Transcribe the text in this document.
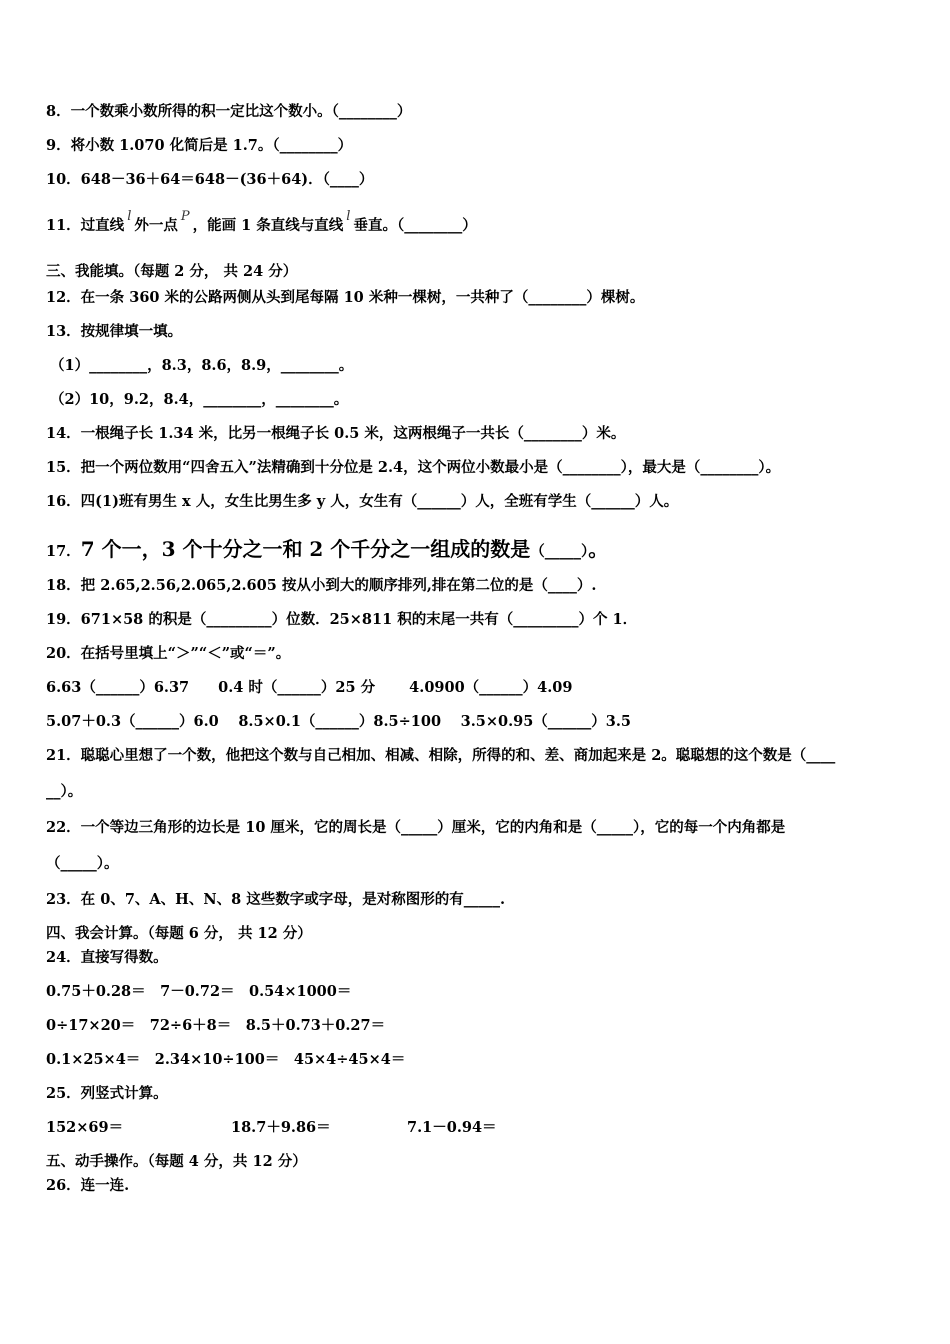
8．一个数乘小数所得的积一定比这个数小。（________）
9．将小数 1.070 化简后是 1.7。（________）
10．648－36＋64＝648－(36＋64)．（____）
11．过直线l外一点P，能画 1 条直线与直线l垂直。（________）
三、我能填。（每题 2 分， 共 24 分）
12．在一条 360 米的公路两侧从头到尾每隔 10 米种一棵树，一共种了（________）棵树。
13．按规律填一填。
（1）________，8.3，8.6，8.9，________。
（2）10，9.2，8.4，________，________。
14．一根绳子长 1.34 米，比另一根绳子长 0.5 米，这两根绳子一共长（________）米。
15．把一个两位数用“四舍五入”法精确到十分位是 2.4，这个两位小数最小是（________），最大是（________）。
16．四(1)班有男生 x 人，女生比男生多 y 人，女生有（______）人，全班有学生（______）人。
17．7 个一，3 个十分之一和 2 个千分之一组成的数是（_____）。
18．把 2.65,2.56,2.065,2.605 按从小到大的顺序排列,排在第二位的是（____）.
19．671×58 的积是（_________）位数．25×811 积的末尾一共有（_________）个 1．
20．在括号里填上“＞”“＜”或“＝”。
6.63（______）6.37　　0.4 时（______）25 分　　 4.0900（______）4.09
5.07＋0.3（______）6.0　 8.5×0.1（______）8.5÷100　 3.5×0.95（______）3.5
21．聪聪心里想了一个数，他把这个数与自己相加、相减、相除，所得的和、差、商加起来是 2。聪聪想的这个数是（____
__）。
22．一个等边三角形的边长是 10 厘米，它的周长是（_____）厘米，它的内角和是（_____），它的每一个内角都是
（_____）。
23．在 0、7、A、H、N、8 这些数字或字母，是对称图形的有_____.
四、我会计算。（每题 6 分， 共 12 分）
24．直接写得数。
0.75＋0.28＝　7－0.72＝　0.54×1000＝
0÷17×20＝　72÷6＋8＝　8.5＋0.73＋0.27＝
0.1×25×4＝　2.34×10÷100＝　45×4÷45×4＝
25．列竖式计算。
152×69＝	18.7＋9.86＝	7.1－0.94＝
五、动手操作。（每题 4 分，共 12 分）
26．连一连.
